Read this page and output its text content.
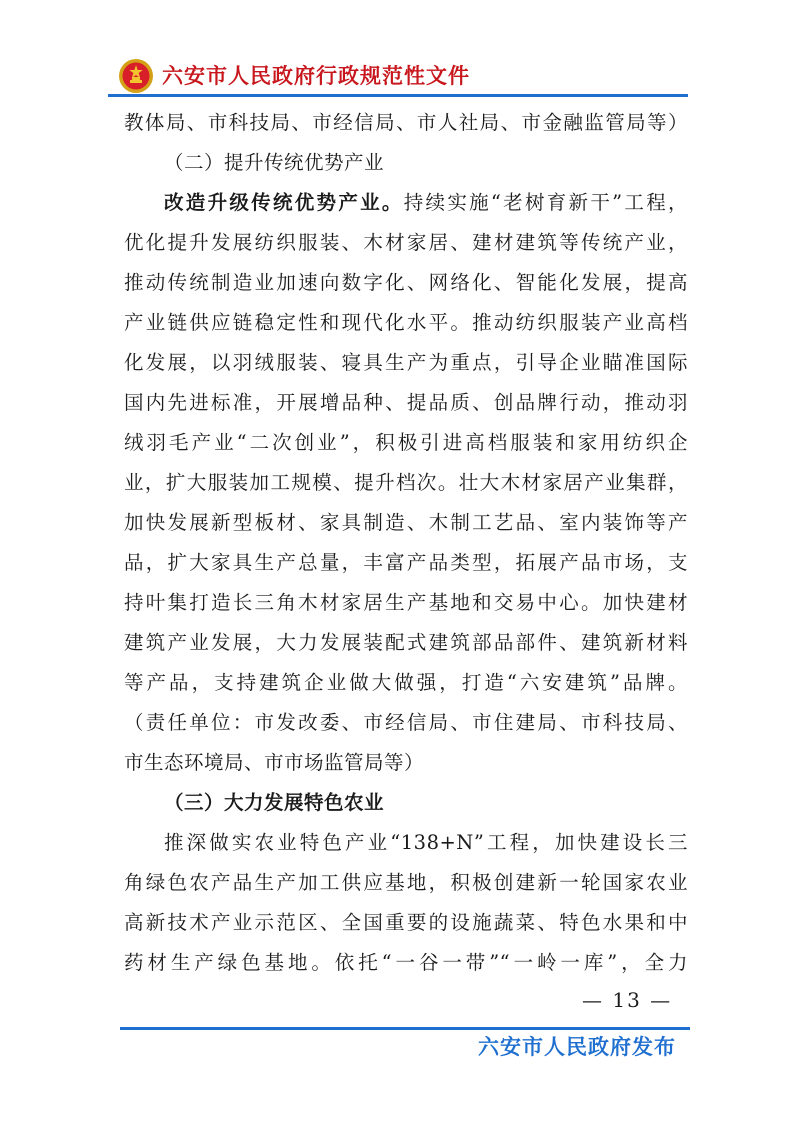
六安市人民政府行政规范性文件
教体局、市科技局、市经信局、市人社局、市金融监管局等）
（二）提升传统优势产业
改造升级传统优势产业。持续实施“老树育新干”工程，
优化提升发展纺织服装、木材家居、建材建筑等传统产业，
推动传统制造业加速向数字化、网络化、智能化发展，提高
产业链供应链稳定性和现代化水平。推动纺织服装产业高档
化发展，以羽绒服装、寝具生产为重点，引导企业瞄准国际
国内先进标准，开展增品种、提品质、创品牌行动，推动羽
绒羽毛产业“二次创业”，积极引进高档服装和家用纺织企
业，扩大服装加工规模、提升档次。壮大木材家居产业集群，
加快发展新型板材、家具制造、木制工艺品、室内装饰等产
品，扩大家具生产总量，丰富产品类型，拓展产品市场，支
持叶集打造长三角木材家居生产基地和交易中心。加快建材
建筑产业发展，大力发展装配式建筑部品部件、建筑新材料
等产品，支持建筑企业做大做强，打造“六安建筑”品牌。
（责任单位：市发改委、市经信局、市住建局、市科技局、
市生态环境局、市市场监管局等）
（三）大力发展特色农业
推深做实农业特色产业“138+N”工程，加快建设长三
角绿色农产品生产加工供应基地，积极创建新一轮国家农业
高新技术产业示范区、全国重要的设施蔬菜、特色水果和中
药材生产绿色基地。依托“一谷一带”“一岭一库”，全力
— 13 —
六安市人民政府发布
